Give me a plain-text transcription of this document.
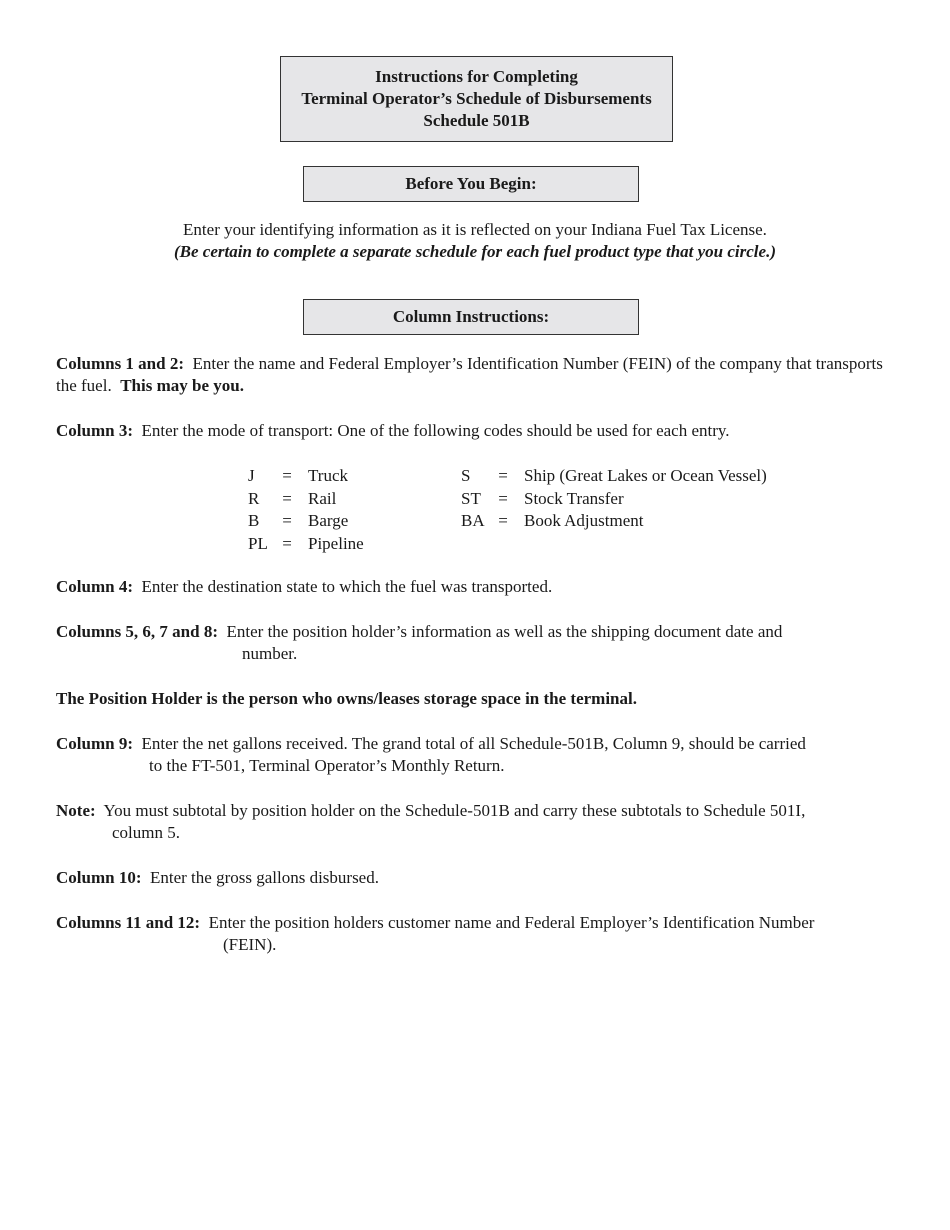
Instructions for Completing
Terminal Operator’s Schedule of Disbursements
Schedule 501B
Before You Begin:
Enter your identifying information as it is reflected on your Indiana Fuel Tax License.
(Be certain to complete a separate schedule for each fuel product type that you circle.)
Column Instructions:
Columns 1 and 2: Enter the name and Federal Employer’s Identification Number (FEIN) of the company that transports the fuel. This may be you.
Column 3: Enter the mode of transport: One of the following codes should be used for each entry.
J	= Truck
R	= Rail
B	= Barge
PL = Pipeline
S	= Ship (Great Lakes or Ocean Vessel)
ST	= Stock Transfer
BA = Book Adjustment
Column 4: Enter the destination state to which the fuel was transported.
Columns 5, 6, 7 and 8: Enter the position holder’s information as well as the shipping document date and
number.
The Position Holder is the person who owns/leases storage space in the terminal.
Column 9: Enter the net gallons received. The grand total of all Schedule-501B, Column 9, should be carried
to the FT-501, Terminal Operator’s Monthly Return.
Note: You must subtotal by position holder on the Schedule-501B and carry these subtotals to Schedule 501I,
column 5.
Column 10: Enter the gross gallons disbursed.
Columns 11 and 12: Enter the position holders customer name and Federal Employer’s Identification Number
(FEIN).
